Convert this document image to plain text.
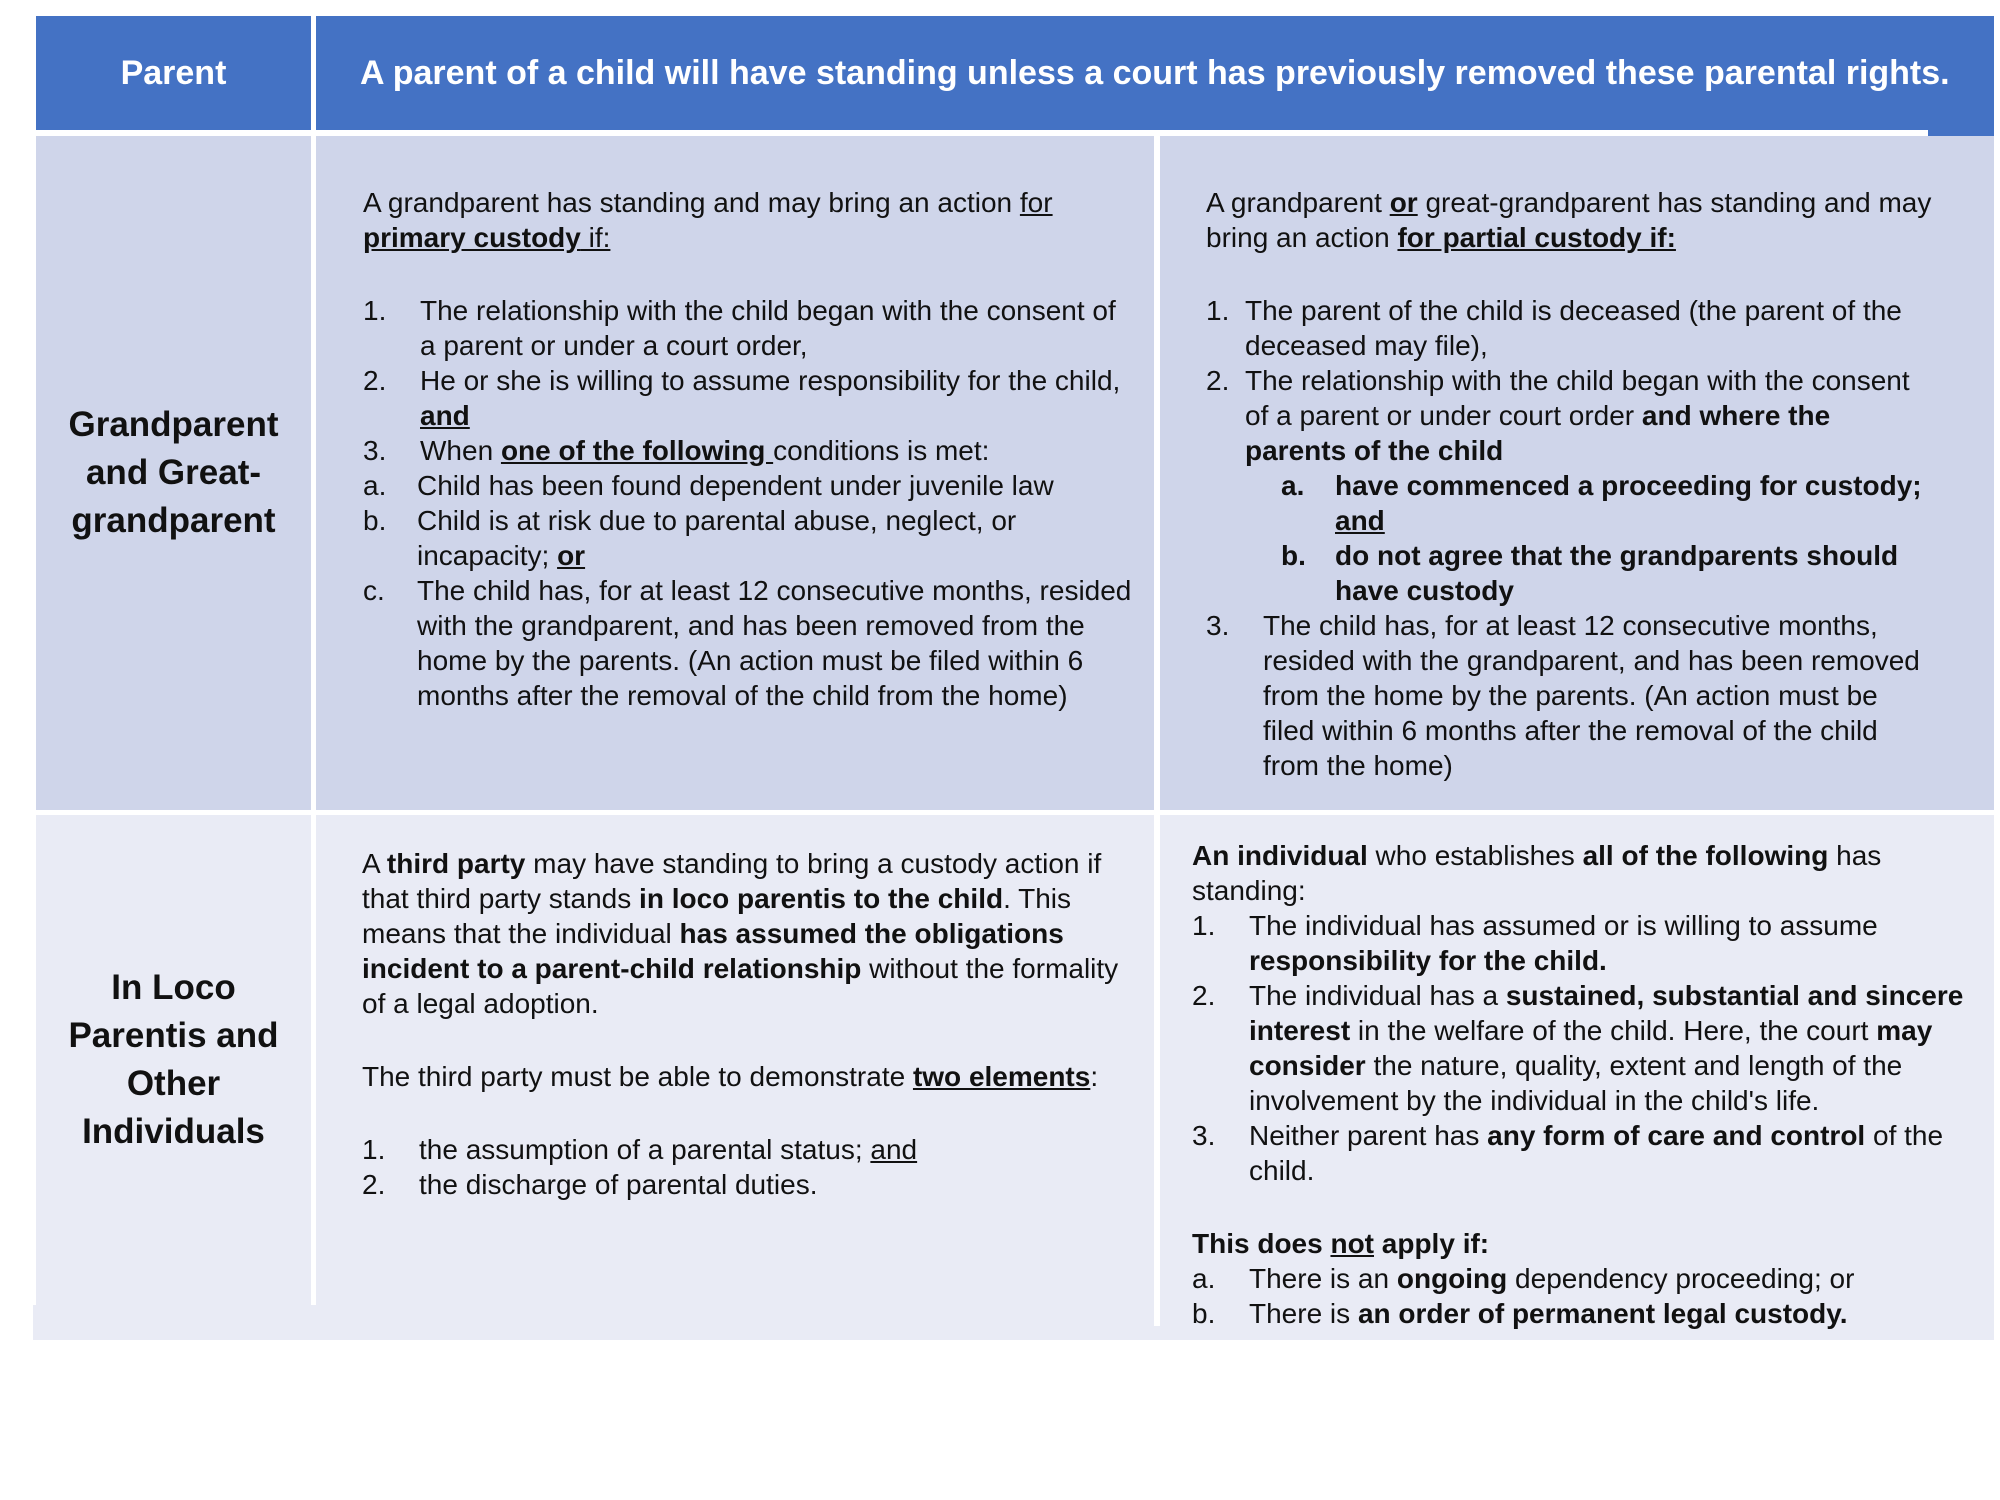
Parent	A parent of a child will have standing unless a court has previously removed these parental rights.
Grandparent
and Great-
grandparent

A grandparent has standing and may bring an action for
primary custody if:

1. The relationship with the child began with the consent of a parent or under a court order,

2. He or she is willing to assume responsibility for the child,
and

3. When one of the following conditions is met:

a. Child has been found dependent under juvenile law

b. Child is at risk due to parental abuse, neglect, or incapacity; or

c. The child has, for at least 12 consecutive months, resided with the grandparent, and has been removed from the home by the parents. (An action must be filed within 6 months after the removal of the child from the home)

A grandparent or great-grandparent has standing and may bring an action for partial custody if:

1. The parent of the child is deceased (the parent of the deceased may file),

2. The relationship with the child began with the consent of a parent or under court order and where the parents of the child

a. have commenced a proceeding for custody; and

b. do not agree that the grandparents should have custody

3. The child has, for at least 12 consecutive months, resided with the grandparent, and has been removed from the home by the parents. (An action must be filed within 6 months after the removal of the child from the home)

In Loco
Parentis and
Other
Individuals

A third party may have standing to bring a custody action if that third party stands in loco parentis to the child. This means that the individual has assumed the obligations incident to a parent-child relationship without the formality of a legal adoption.

The third party must be able to demonstrate two elements:

1. the assumption of a parental status; and

2. the discharge of parental duties.

An individual who establishes all of the following has standing:

1. The individual has assumed or is willing to assume responsibility for the child.

2. The individual has a sustained, substantial and sincere interest in the welfare of the child. Here, the court may consider the nature, quality, extent and length of the involvement by the individual in the child's life.

3. Neither parent has any form of care and control of the child.

This does not apply if:

a. There is an ongoing dependency proceeding; or

b. There is an order of permanent legal custody.
